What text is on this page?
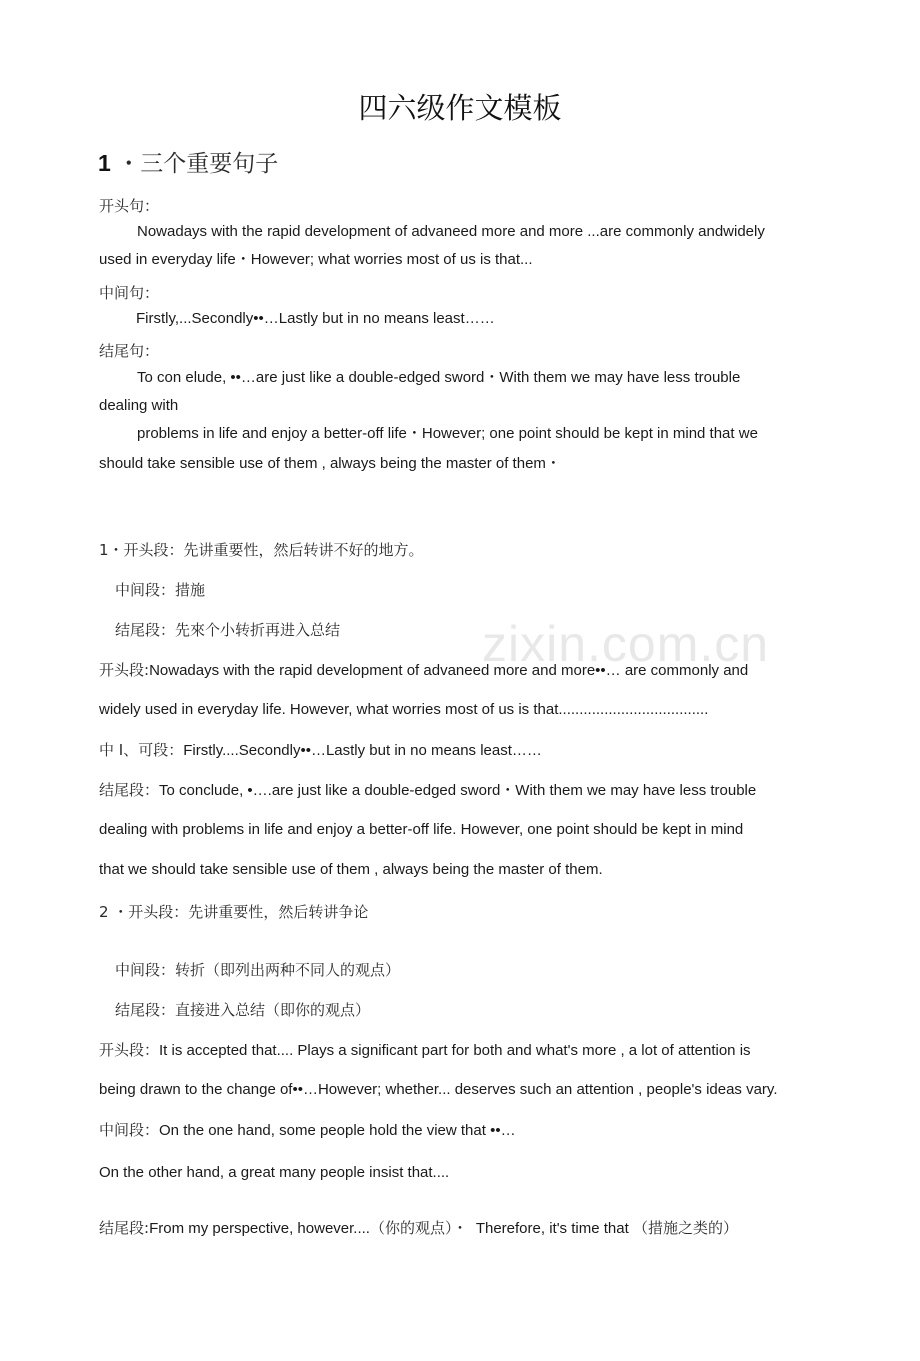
zixin.com.cn
四六级作文模板
1 ・三个重要句子
开头句：
Nowadays with the rapid development of advaneed more and more ...are commonly andwidely
used in everyday life・However; what worries most of us is that...
中间句：
Firstly,...Secondly••…Lastly but in no means least……
结尾句：
To con elude, ••…are just like a double-edged sword・With them we may have less trouble
dealing with
problems in life and enjoy a better-off life・However; one point should be kept in mind that we
should take sensible use of them , always being the master of them・
1・开头段：先讲重要性，然后转讲不好的地方。
中间段：措施
结尾段：先來个小转折再进入总结
开头段:Nowadays with the rapid development of advaneed more and more••… are commonly and
widely used in everyday life. However, what worries most of us is that....................................
中 I、可段：Firstly....Secondly••…Lastly but in no means least……
结尾段：To conclude, •….are just like a double-edged sword・With them we may have less trouble
dealing with problems in life and enjoy a better-off life. However, one point should be kept in mind
that we should take sensible use of them , always being the master of them.
2 ・开头段：先讲重要性，然后转讲争论
中间段：转折（即列出两种不同人的观点）
结尾段：直接进入总结（即你的观点）
开头段：It is accepted that.... Plays a significant part for both and what's more , a lot of attention is
being drawn to the change of••…However; whether... deserves such an attention , people's ideas vary.
中间段：On the one hand, some people hold the view that ••…
On the other hand, a great many people insist that....
结尾段:From my perspective, however....（你的观点）・ Therefore, it's time that （措施之类的）
